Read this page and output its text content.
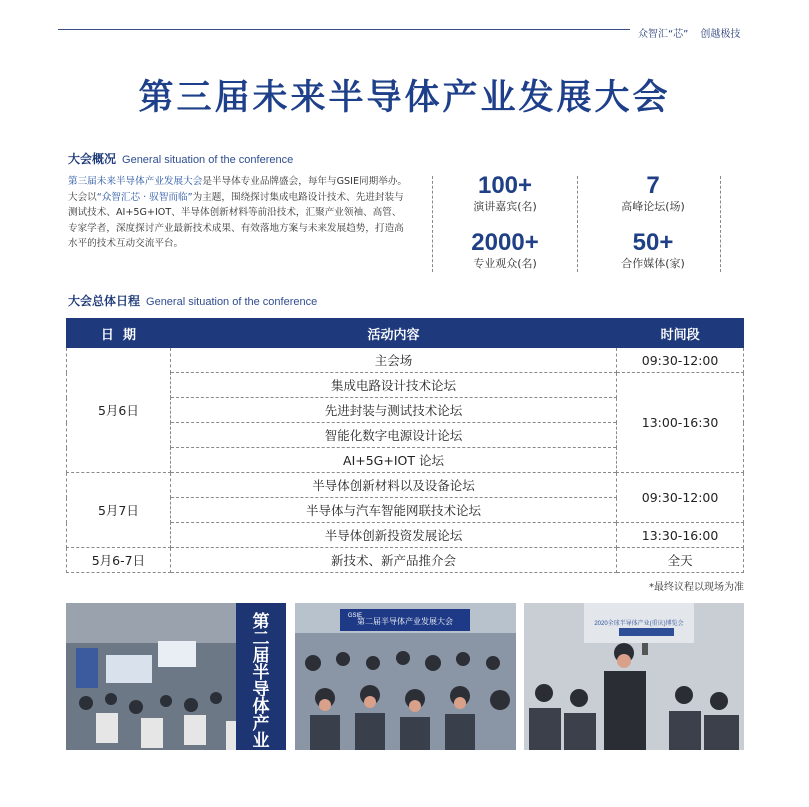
众智汇“芯” 创越极技
第三届未来半导体产业发展大会
大会概况 General situation of the conference

第三届未来半导体产业发展大会是半导体专业品牌盛会，每年与GSIE同期举办。

大会以“众智汇芯 · 驭智而临”为主题，围绕探讨集成电路设计技术、先进封装与测试技术、AI+5G+IOT、半导体创新材料等前沿技术，汇聚产业领袖、高管、专家学者，深度探讨产业最新技术成果、有效落地方案与未来发展趋势，打造高水平的技术互动交流平台。

100+
演讲嘉宾(名)
7
高峰论坛(场)
2000+
专业观众(名)
50+
合作媒体(家)
大会总体日程 General situation of the conference
日  期	活动内容	时间段
5月6日	主会场	09:30-12:00
	集成电路设计技术论坛	13:00-16:30
	先进封装与测试技术论坛	
	智能化数字电源设计论坛	
	AI+5G+IOT 论坛	
5月7日	半导体创新材料以及设备论坛	09:30-12:00
	半导体与汽车智能网联技术论坛	
	半导体创新投资发展论坛	13:30-16:00
5月6-7日	新技术、新产品推介会	全天
*最终议程以现场为准
第二届半导体产业
第二届半导体产业发展大会
GSIE
2020全球半导体产业(重庆)博览会
